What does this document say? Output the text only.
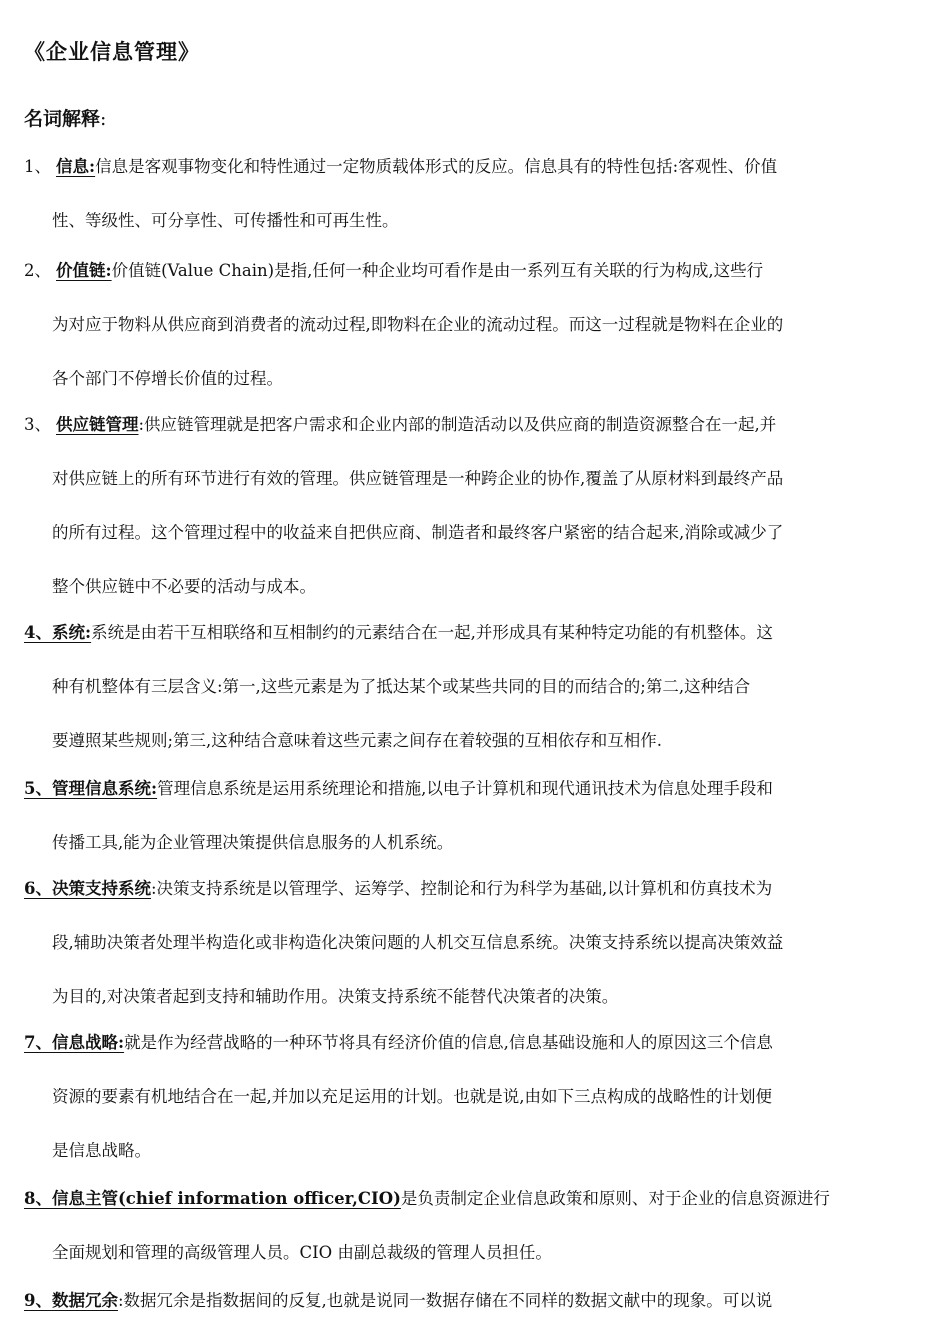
《企业信息管理》
名词解释:
1、 信息:信息是客观事物变化和特性通过一定物质载体形式的反应。信息具有的特性包括:客观性、价值
性、等级性、可分享性、可传播性和可再生性。
2、 价值链:价值链(Value Chain)是指,任何一种企业均可看作是由一系列互有关联的行为构成,这些行
为对应于物料从供应商到消费者的流动过程,即物料在企业的流动过程。而这一过程就是物料在企业的
各个部门不停增长价值的过程。
3、 供应链管理:供应链管理就是把客户需求和企业内部的制造活动以及供应商的制造资源整合在一起,并
对供应链上的所有环节进行有效的管理。供应链管理是一种跨企业的协作,覆盖了从原材料到最终产品
的所有过程。这个管理过程中的收益来自把供应商、制造者和最终客户紧密的结合起来,消除或减少了
整个供应链中不必要的活动与成本。
4、系统:系统是由若干互相联络和互相制约的元素结合在一起,并形成具有某种特定功能的有机整体。这
种有机整体有三层含义:第一,这些元素是为了抵达某个或某些共同的目的而结合的;第二,这种结合
要遵照某些规则;第三,这种结合意味着这些元素之间存在着较强的互相依存和互相作.
5、管理信息系统:管理信息系统是运用系统理论和措施,以电子计算机和现代通讯技术为信息处理手段和
传播工具,能为企业管理决策提供信息服务的人机系统。
6、决策支持系统:决策支持系统是以管理学、运筹学、控制论和行为科学为基础,以计算机和仿真技术为
段,辅助决策者处理半构造化或非构造化决策问题的人机交互信息系统。决策支持系统以提高决策效益
为目的,对决策者起到支持和辅助作用。决策支持系统不能替代决策者的决策。
7、信息战略:就是作为经营战略的一种环节将具有经济价值的信息,信息基础设施和人的原因这三个信息
资源的要素有机地结合在一起,并加以充足运用的计划。也就是说,由如下三点构成的战略性的计划便
是信息战略。
8、信息主管(chief information officer,CIO)是负责制定企业信息政策和原则、对于企业的信息资源进行
全面规划和管理的高级管理人员。CIO 由副总裁级的管理人员担任。
9、数据冗余:数据冗余是指数据间的反复,也就是说同一数据存储在不同样的数据文献中的现象。可以说
